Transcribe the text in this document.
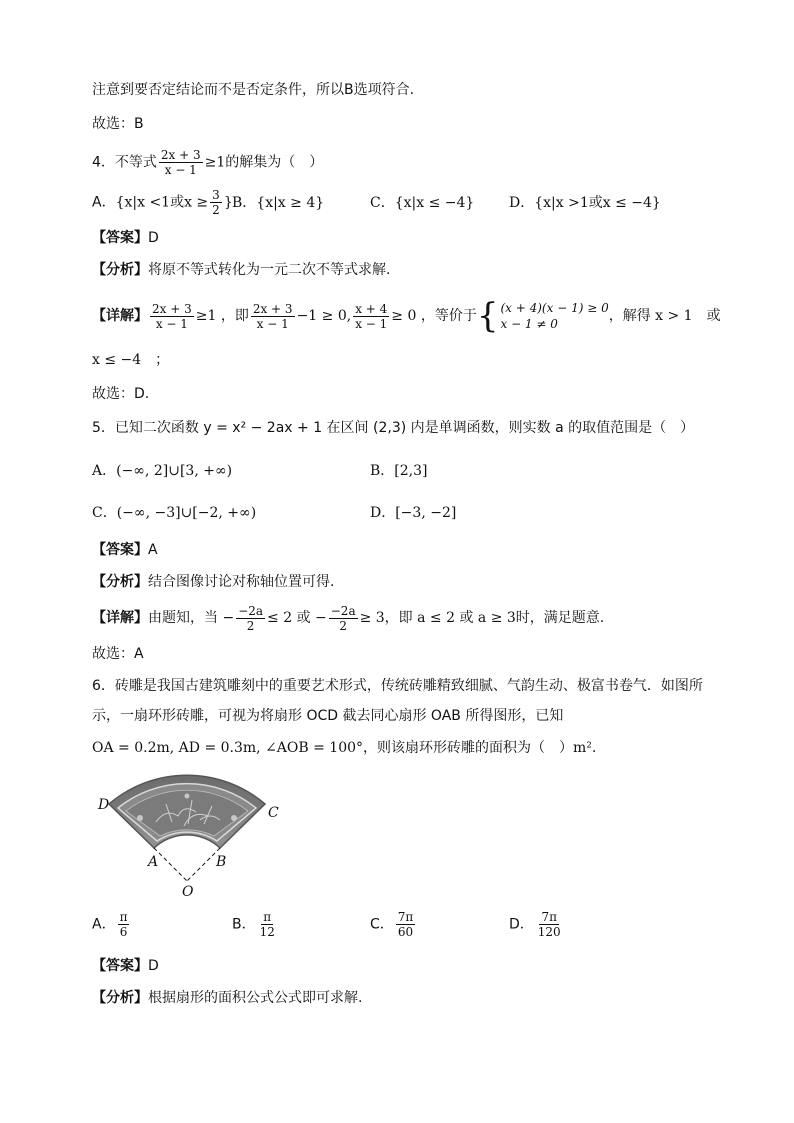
注意到要否定结论而不是否定条件，所以B选项符合.
故选：B
4．不等式 $\frac{2x + 3}{x - 1} \ge 1$的解集为（　）
A．{x|x <1或$x \ge \frac{3}{2}$ } B．{x|x ≥ 4}	C．{x|x ≤ −4} D．{x|x >1或x ≤ −4}
【答案】D
【分析】将原不等式转化为一元二次不等式求解.
【详解】 $\frac{2x + 3}{x - 1} \ge 1$ ，即 $\frac{2x + 3}{x - 1} -1 \ge 0$, $\frac{x + 4}{x - 1} \ge 0$ ，等价于 { (x + 4)(x − 1) ≥ 0
x − 1 ≠ 0	，解得 x > 1　或
x ≤ −4　；
故选：D.
5．已知二次函数 y = x² − 2ax + 1 在区间 (2,3) 内是单调函数，则实数 a 的取值范围是（　）
A．(−∞, 2]∪[3, +∞)	B．[2,3]
C．(−∞, −3]∪[−2, +∞)	D．[−3, −2]
【答案】A
【分析】结合图像讨论对称轴位置可得.
【详解】由题知，当 − $\frac{-2a}{2} \le 2$ 或 − $\frac{-2a}{2} \ge 3$，即 a ≤ 2 或 a ≥ 3时，满足题意.
故选：A
6．砖雕是我国古建筑雕刻中的重要艺术形式，传统砖雕精致细腻、气韵生动、极富书卷气．如图所
示，一扇环形砖雕，可视为将扇形 OCD 截去同心扇形 OAB 所得图形，已知
OA = 0.2m, AD = 0.3m, ∠AOB = 100°，则该扇环形砖雕的面积为（　）m².
D	C
A	B
O
A． $\frac{\pi}{6}$	B． $\frac{\pi}{12}$	C． $\frac{7\pi}{60}$	D． $\frac{7\pi}{120}$
【答案】D
【分析】根据扇形的面积公式公式即可求解.
